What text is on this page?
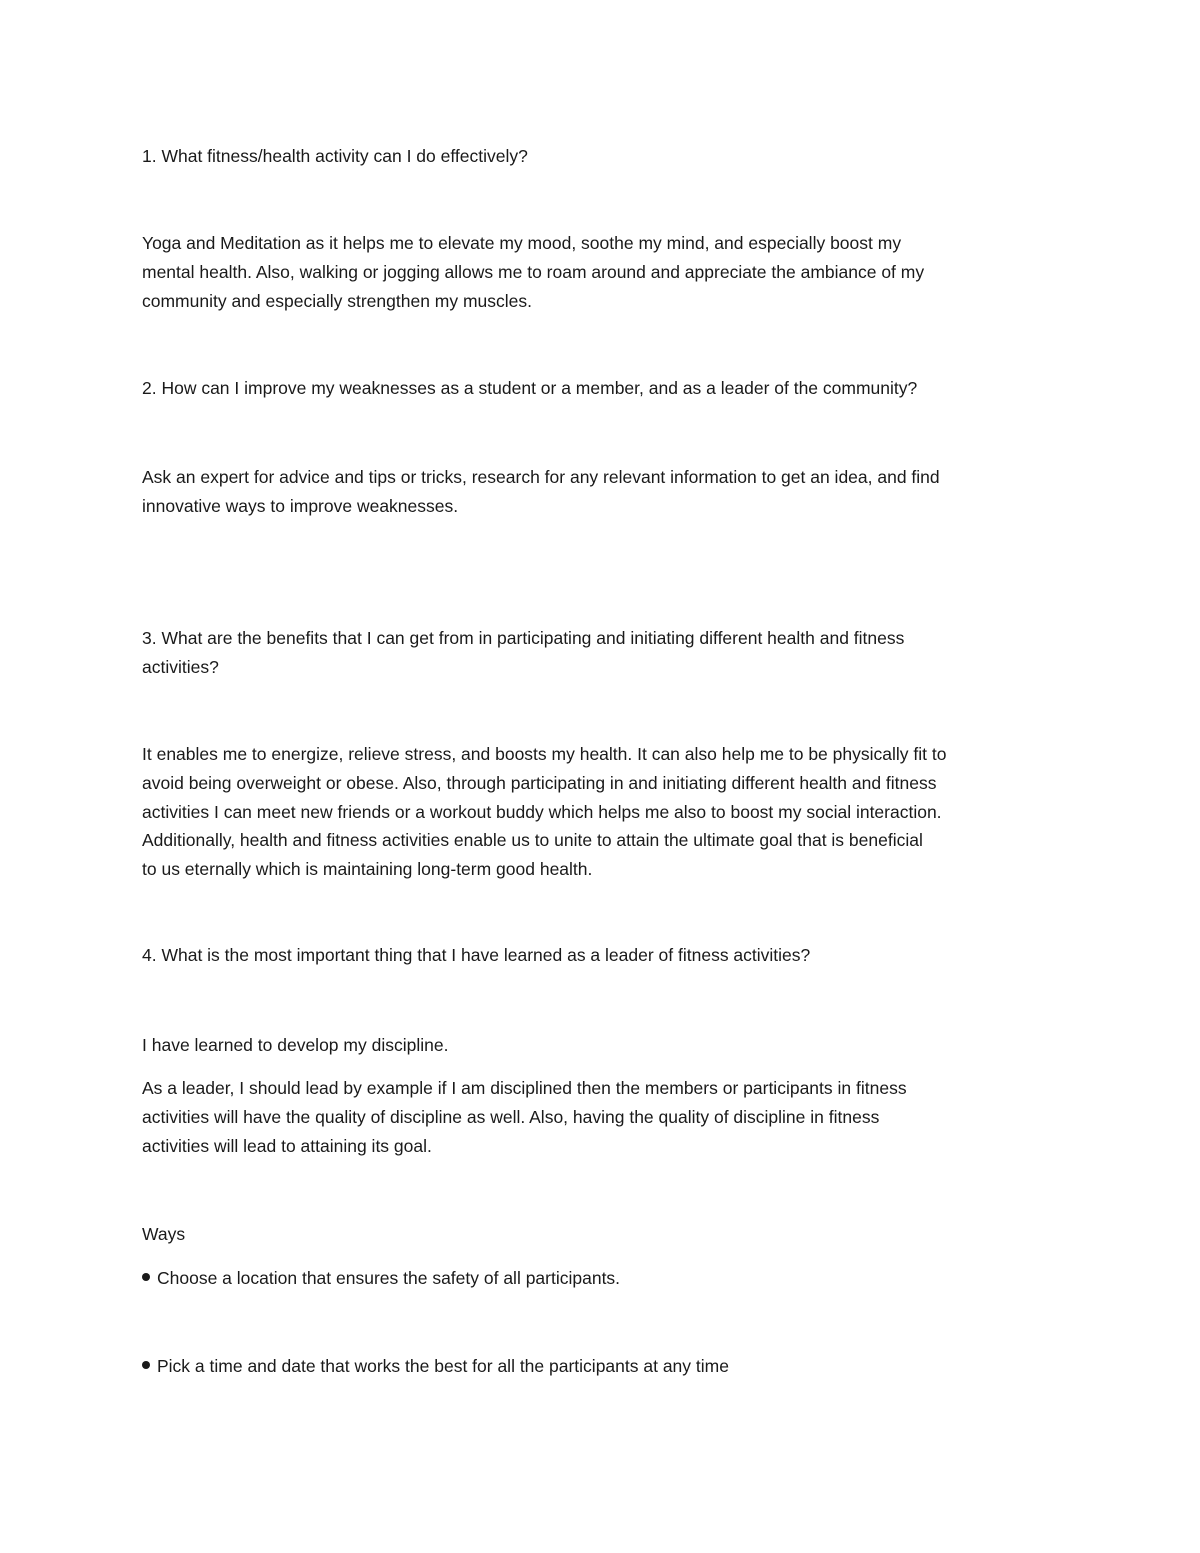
1. What fitness/health activity can I do effectively?
Yoga and Meditation as it helps me to elevate my mood, soothe my mind, and especially boost my
mental health. Also, walking or jogging allows me to roam around and appreciate the ambiance of my
community and especially strengthen my muscles.
2. How can I improve my weaknesses as a student or a member, and as a leader of the community?
Ask an expert for advice and tips or tricks, research for any relevant information to get an idea, and find
innovative ways to improve weaknesses.
3. What are the benefits that I can get from in participating and initiating different health and fitness
activities?
It enables me to energize, relieve stress, and boosts my health. It can also help me to be physically fit to
avoid being overweight or obese. Also, through participating in and initiating different health and fitness
activities I can meet new friends or a workout buddy which helps me also to boost my social interaction.
Additionally, health and fitness activities enable us to unite to attain the ultimate goal that is beneficial
to us eternally which is maintaining long-term good health.
4. What is the most important thing that I have learned as a leader of fitness activities?
I have learned to develop my discipline.
As a leader, I should lead by example if I am disciplined then the members or participants in fitness
activities will have the quality of discipline as well. Also, having the quality of discipline in fitness
activities will lead to attaining its goal.
Ways
Choose a location that ensures the safety of all participants.
Pick a time and date that works the best for all the participants at any time
